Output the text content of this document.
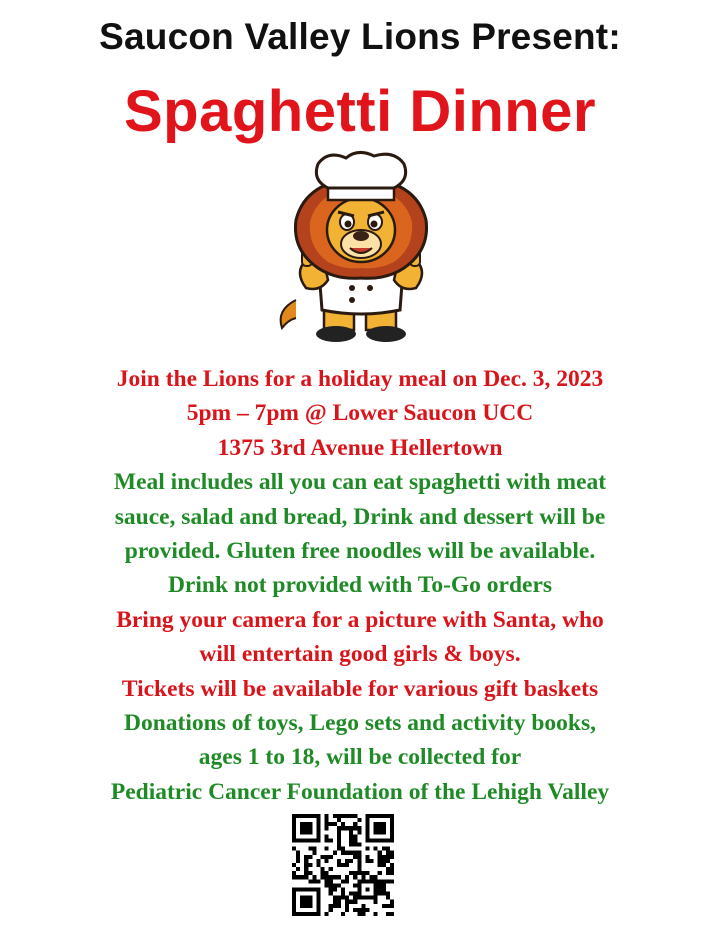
Saucon Valley Lions Present:
Spaghetti Dinner
Join the Lions for a holiday meal on Dec. 3, 2023
5pm – 7pm @ Lower Saucon UCC
1375 3rd Avenue Hellertown
Meal includes all you can eat spaghetti with meat
sauce, salad and bread, Drink and dessert will be
provided. Gluten free noodles will be available.
Drink not provided with To-Go orders
Bring your camera for a picture with Santa, who
will entertain good girls & boys.
Tickets will be available for various gift baskets
Donations of toys, Lego sets and activity books,
ages 1 to 18, will be collected for
Pediatric Cancer Foundation of the Lehigh Valley
